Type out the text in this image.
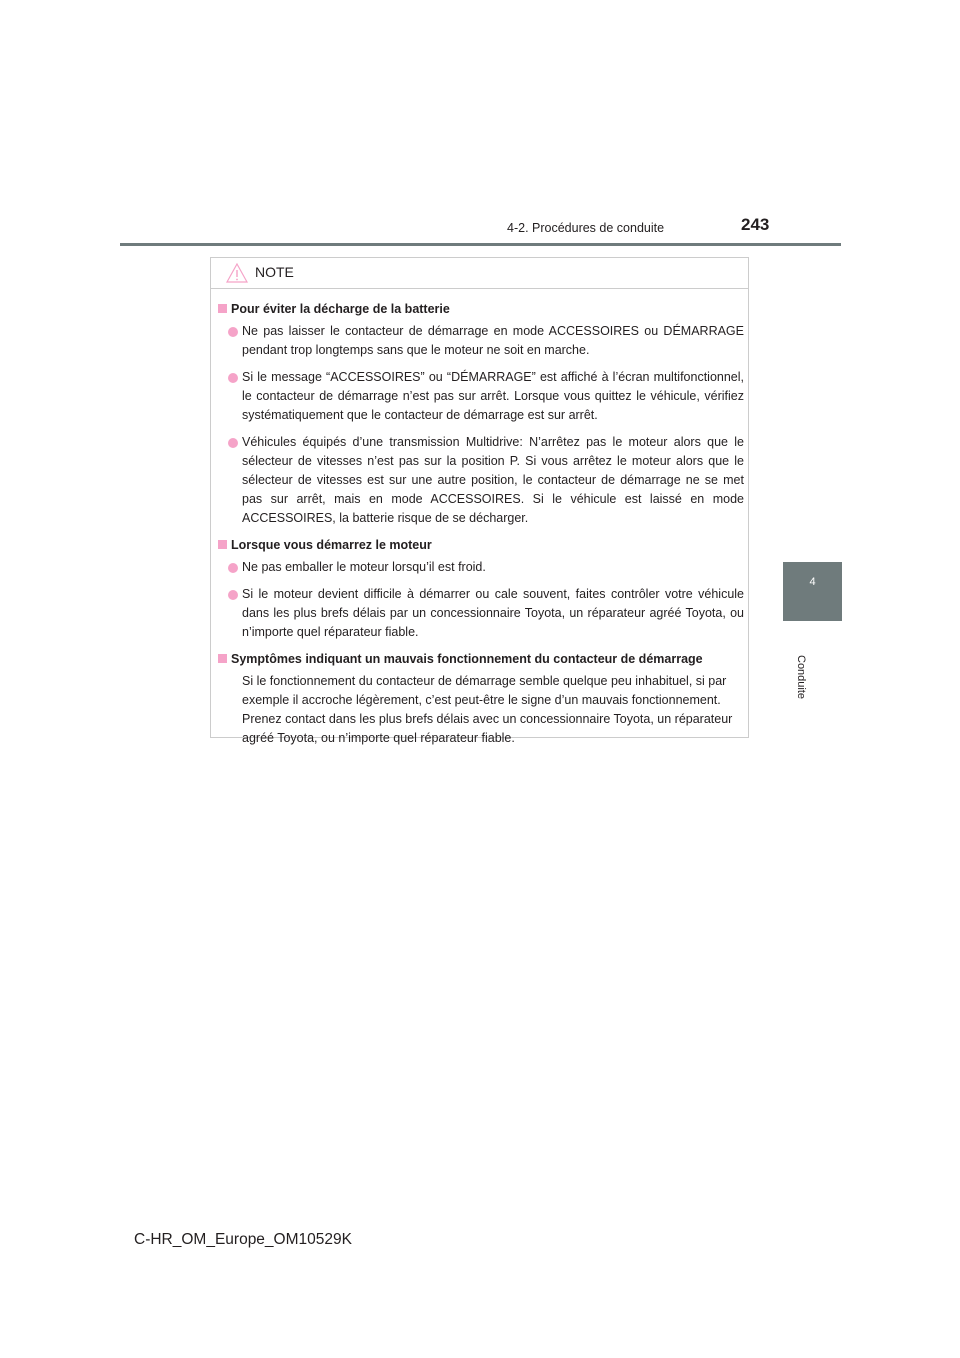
4-2. Procédures de conduite	243
4
Conduite
NOTE
Pour éviter la décharge de la batterie
Ne pas laisser le contacteur de démarrage en mode ACCESSOIRES ou DÉMARRAGE pendant trop longtemps sans que le moteur ne soit en marche.
Si le message “ACCESSOIRES” ou “DÉMARRAGE” est affiché à l’écran multifonctionnel, le contacteur de démarrage n’est pas sur arrêt. Lorsque vous quittez le véhicule, vérifiez systématiquement que le contacteur de démarrage est sur arrêt.
Véhicules équipés d’une transmission Multidrive: N’arrêtez pas le moteur alors que le sélecteur de vitesses n’est pas sur la position P. Si vous arrêtez le moteur alors que le sélecteur de vitesses est sur une autre position, le contacteur de démarrage ne se met pas sur arrêt, mais en mode ACCESSOIRES. Si le véhicule est laissé en mode ACCESSOIRES, la batterie risque de se décharger.
Lorsque vous démarrez le moteur
Ne pas emballer le moteur lorsqu’il est froid.
Si le moteur devient difficile à démarrer ou cale souvent, faites contrôler votre véhicule dans les plus brefs délais par un concessionnaire Toyota, un réparateur agréé Toyota, ou n’importe quel réparateur fiable.
Symptômes indiquant un mauvais fonctionnement du contacteur de démarrage

Si le fonctionnement du contacteur de démarrage semble quelque peu inhabituel, si par exemple il accroche légèrement, c’est peut-être le signe d’un mauvais fonctionnement. Prenez contact dans les plus brefs délais avec un concessionnaire Toyota, un réparateur agréé Toyota, ou n’importe quel réparateur fiable.

C-HR_OM_Europe_OM10529K
